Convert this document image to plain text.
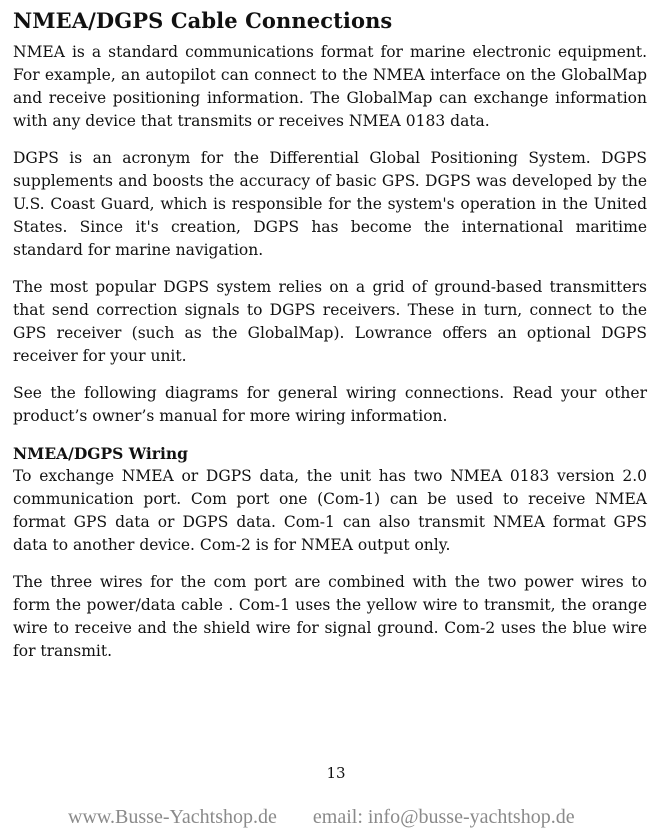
NMEA/DGPS Cable Connections

NMEA is a standard communications format for marine electronic equipment. For example, an autopilot can connect to the NMEA interface on the GlobalMap and receive positioning information. The GlobalMap can exchange information with any device that transmits or receives NMEA 0183 data.

DGPS is an acronym for the Differential Global Positioning System. DGPS supplements and boosts the accuracy of basic GPS. DGPS was developed by the U.S. Coast Guard, which is responsible for the system's operation in the United States. Since it's creation, DGPS has become the international maritime standard for marine navigation.

The most popular DGPS system relies on a grid of ground-based transmitters that send correction signals to DGPS receivers. These in turn, connect to the GPS receiver (such as the GlobalMap). Lowrance offers an optional DGPS receiver for your unit.

See the following diagrams for general wiring connections. Read your other product’s owner’s manual for more wiring information.

NMEA/DGPS Wiring

To exchange NMEA or DGPS data, the unit has two NMEA 0183 version 2.0 communication port. Com port one (Com-1) can be used to receive NMEA format GPS data or DGPS data. Com-1 can also transmit NMEA format GPS data to another device. Com-2 is for NMEA output only.

The three wires for the com port are combined with the two power wires to form the power/data cable . Com-1 uses the yellow wire to transmit, the orange wire to receive and the shield wire for signal ground. Com-2 uses the blue wire for transmit.

13
www.Busse-Yachtshop.de email: info@busse-yachtshop.de
